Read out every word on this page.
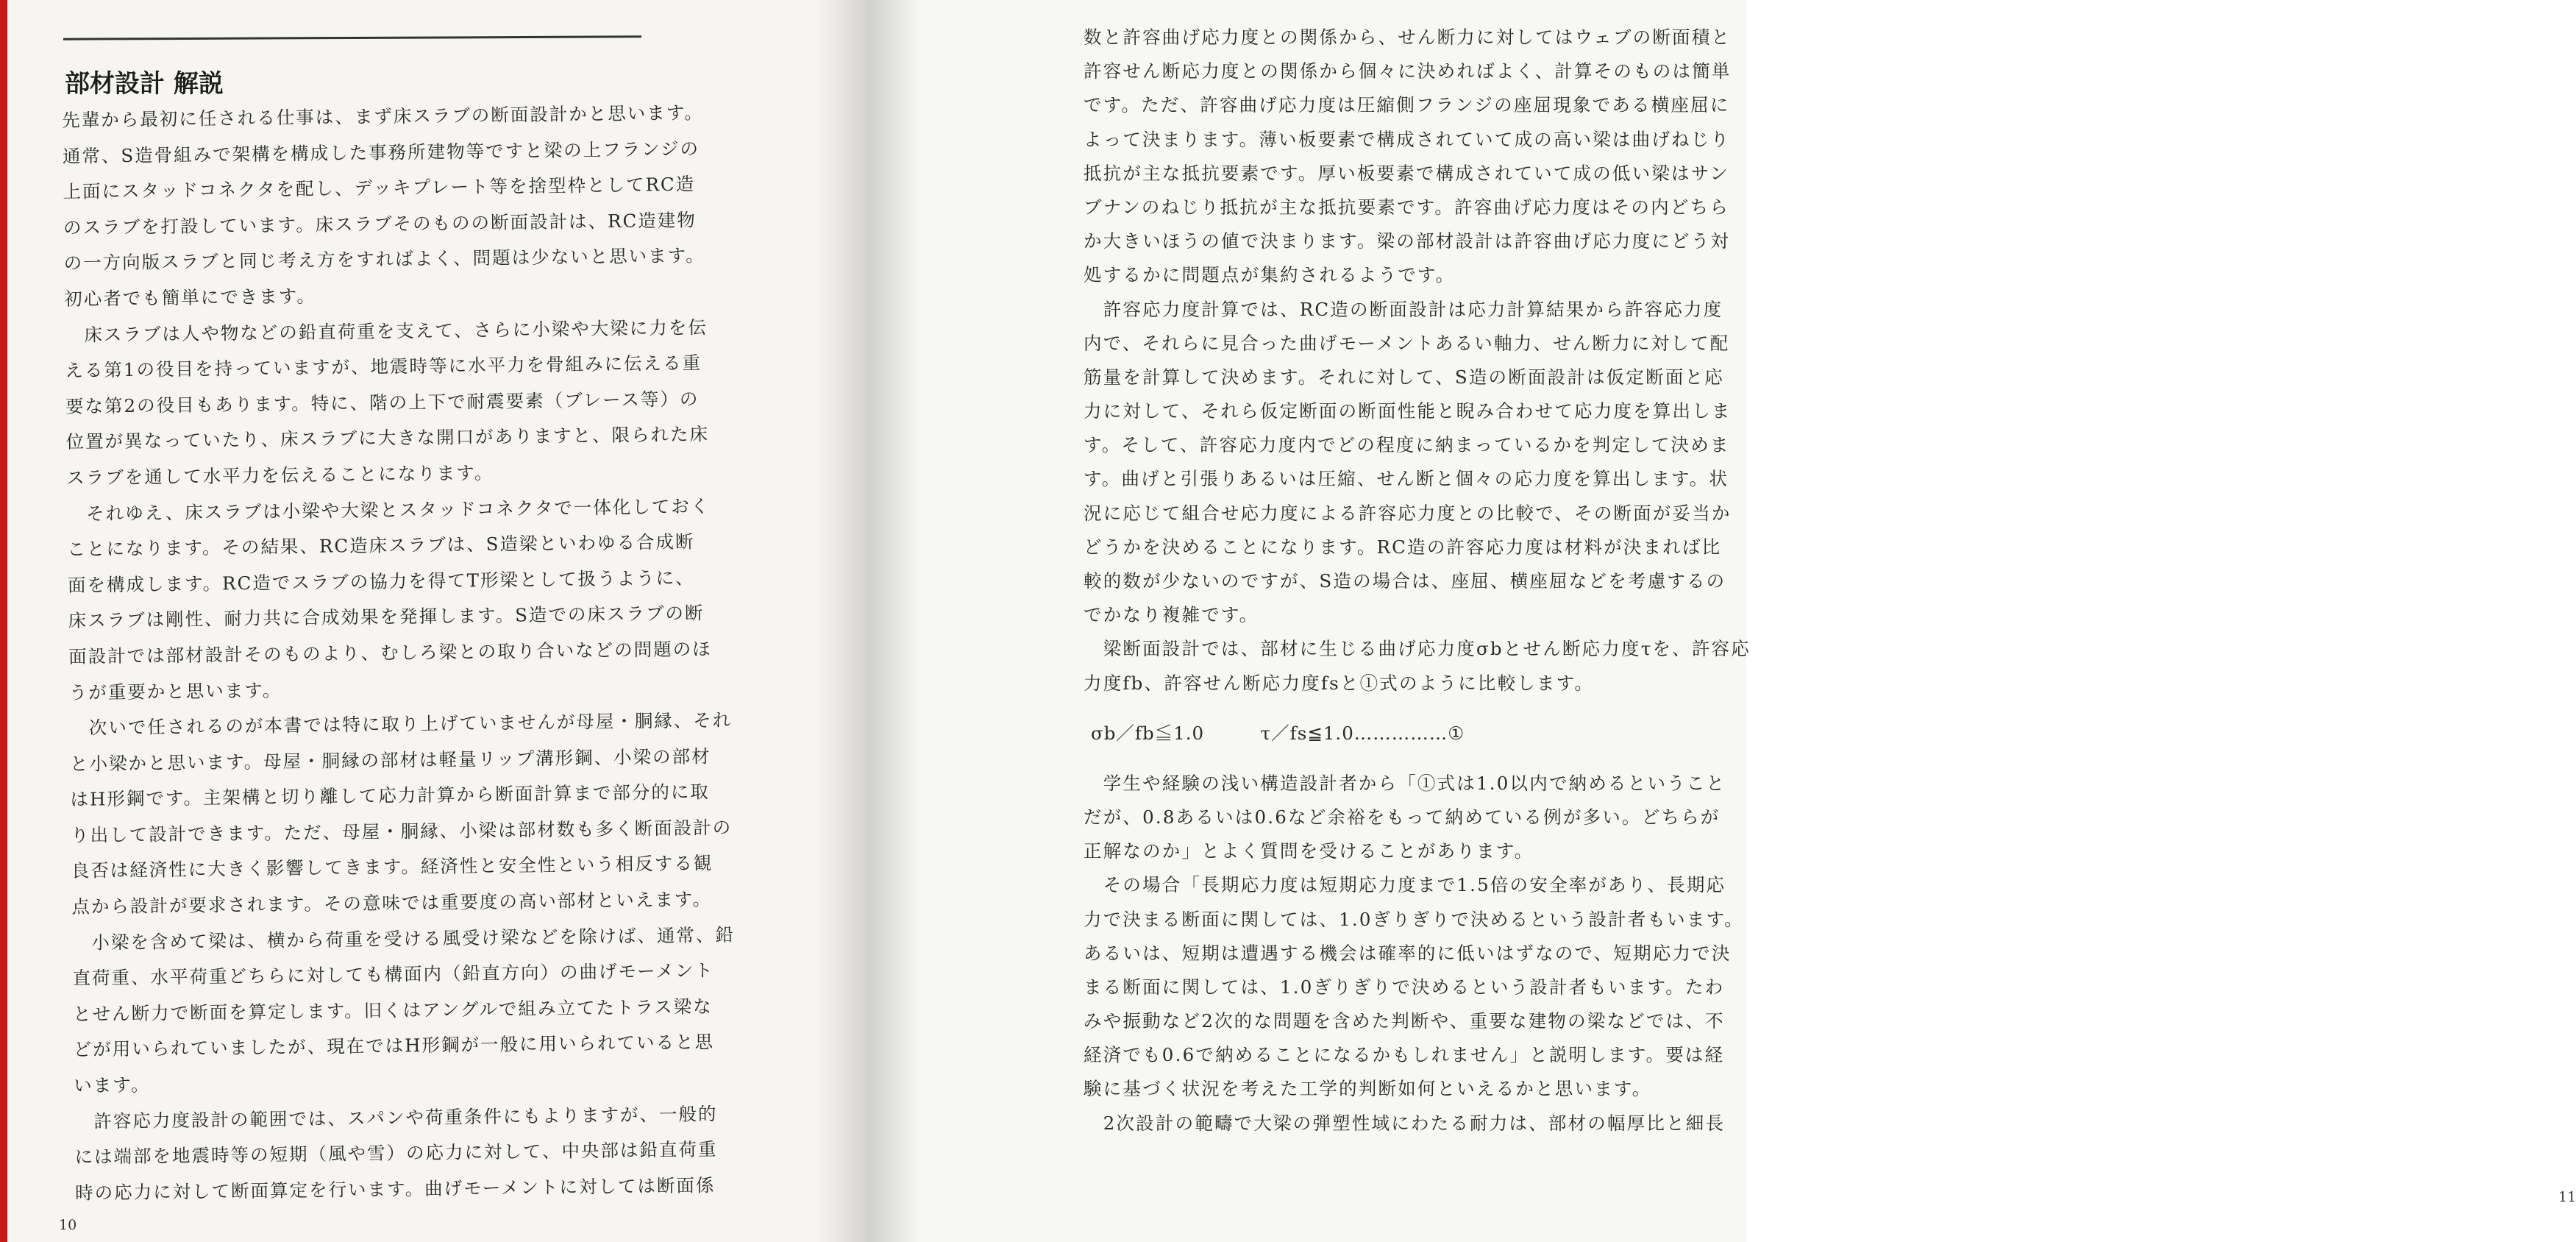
部材設計 解説
先輩から最初に任される仕事は、まず床スラブの断面設計かと思います。
通常、S造骨組みで架構を構成した事務所建物等ですと梁の上フランジの
上面にスタッドコネクタを配し、デッキプレート等を捨型枠としてRC造
のスラブを打設しています。床スラブそのものの断面設計は、RC造建物
の一方向版スラブと同じ考え方をすればよく、問題は少ないと思います。
初心者でも簡単にできます。
　床スラブは人や物などの鉛直荷重を支えて、さらに小梁や大梁に力を伝
える第1の役目を持っていますが、地震時等に水平力を骨組みに伝える重
要な第2の役目もあります。特に、階の上下で耐震要素（ブレース等）の
位置が異なっていたり、床スラブに大きな開口がありますと、限られた床
スラブを通して水平力を伝えることになります。
　それゆえ、床スラブは小梁や大梁とスタッドコネクタで一体化しておく
ことになります。その結果、RC造床スラブは、S造梁といわゆる合成断
面を構成します。RC造でスラブの協力を得てT形梁として扱うように、
床スラブは剛性、耐力共に合成効果を発揮します。S造での床スラブの断
面設計では部材設計そのものより、むしろ梁との取り合いなどの問題のほ
うが重要かと思います。
　次いで任されるのが本書では特に取り上げていませんが母屋・胴縁、それ
と小梁かと思います。母屋・胴縁の部材は軽量リップ溝形鋼、小梁の部材
はH形鋼です。主架構と切り離して応力計算から断面計算まで部分的に取
り出して設計できます。ただ、母屋・胴縁、小梁は部材数も多く断面設計の
良否は経済性に大きく影響してきます。経済性と安全性という相反する観
点から設計が要求されます。その意味では重要度の高い部材といえます。
　小梁を含めて梁は、横から荷重を受ける風受け梁などを除けば、通常、鉛
直荷重、水平荷重どちらに対しても構面内（鉛直方向）の曲げモーメント
とせん断力で断面を算定します。旧くはアングルで組み立てたトラス梁な
どが用いられていましたが、現在ではH形鋼が一般に用いられていると思
います。
　許容応力度設計の範囲では、スパンや荷重条件にもよりますが、一般的
には端部を地震時等の短期（風や雪）の応力に対して、中央部は鉛直荷重
時の応力に対して断面算定を行います。曲げモーメントに対しては断面係
10
数と許容曲げ応力度との関係から、せん断力に対してはウェブの断面積と
許容せん断応力度との関係から個々に決めればよく、計算そのものは簡単
です。ただ、許容曲げ応力度は圧縮側フランジの座屈現象である横座屈に
よって決まります。薄い板要素で構成されていて成の高い梁は曲げねじり
抵抗が主な抵抗要素です。厚い板要素で構成されていて成の低い梁はサン
ブナンのねじり抵抗が主な抵抗要素です。許容曲げ応力度はその内どちら
か大きいほうの値で決まります。梁の部材設計は許容曲げ応力度にどう対
処するかに問題点が集約されるようです。
　許容応力度計算では、RC造の断面設計は応力計算結果から許容応力度
内で、それらに見合った曲げモーメントあるい軸力、せん断力に対して配
筋量を計算して決めます。それに対して、S造の断面設計は仮定断面と応
力に対して、それら仮定断面の断面性能と睨み合わせて応力度を算出しま
す。そして、許容応力度内でどの程度に納まっているかを判定して決めま
す。曲げと引張りあるいは圧縮、せん断と個々の応力度を算出します。状
況に応じて組合せ応力度による許容応力度との比較で、その断面が妥当か
どうかを決めることになります。RC造の許容応力度は材料が決まれば比
較的数が少ないのですが、S造の場合は、座屈、横座屈などを考慮するの
でかなり複雑です。
　梁断面設計では、部材に生じる曲げ応力度σbとせん断応力度τを、許容応
力度fb、許容せん断応力度fsと①式のように比較します。
σb／fb≦1.0　　　τ／fs≦1.0……………①
　学生や経験の浅い構造設計者から「①式は1.0以内で納めるということ
だが、0.8あるいは0.6など余裕をもって納めている例が多い。どちらが
正解なのか」とよく質問を受けることがあります。
　その場合「長期応力度は短期応力度まで1.5倍の安全率があり、長期応
力で決まる断面に関しては、1.0ぎりぎりで決めるという設計者もいます。
あるいは、短期は遭遇する機会は確率的に低いはずなので、短期応力で決
まる断面に関しては、1.0ぎりぎりで決めるという設計者もいます。たわ
みや振動など2次的な問題を含めた判断や、重要な建物の梁などでは、不
経済でも0.6で納めることになるかもしれません」と説明します。要は経
験に基づく状況を考えた工学的判断如何といえるかと思います。
　2次設計の範疇で大梁の弾塑性域にわたる耐力は、部材の幅厚比と細長
11
